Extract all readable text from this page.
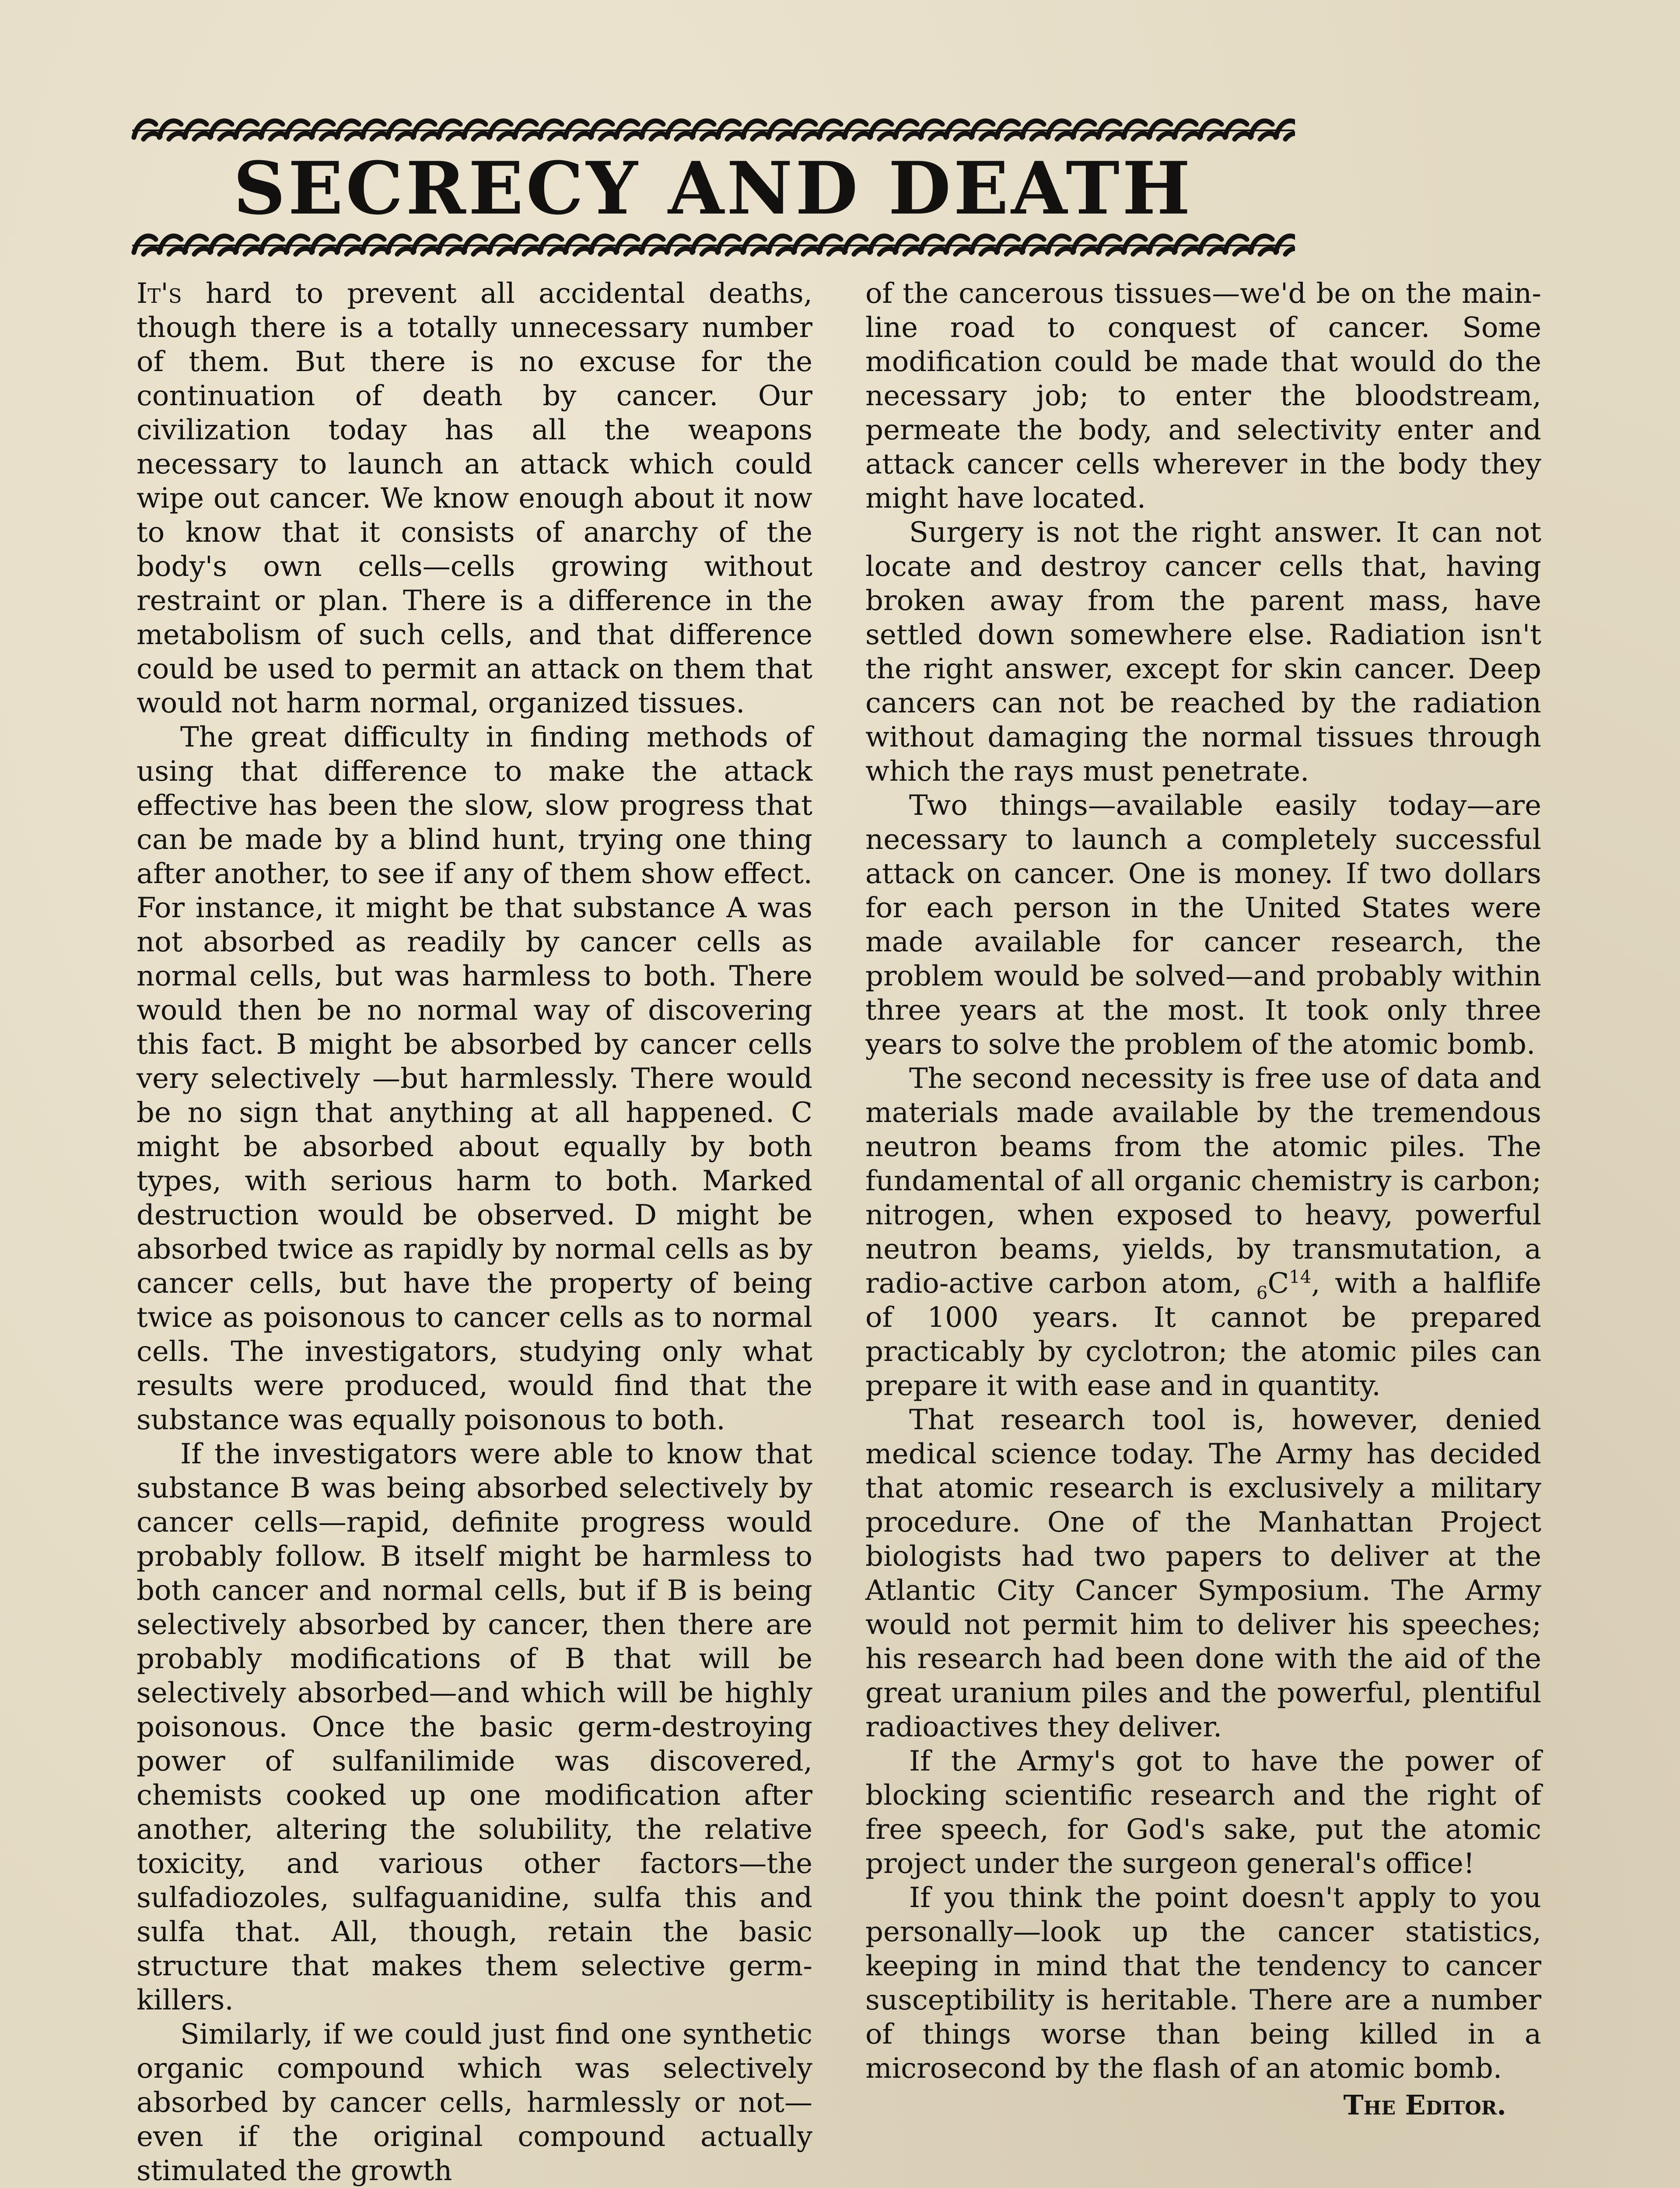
SECRECY AND DEATH

It's hard to prevent all accidental deaths, though there is a totally unnecessary number of them. But there is no excuse for the continuation of death by cancer. Our civilization today has all the weapons necessary to launch an attack which could wipe out cancer. We know enough about it now to know that it consists of anarchy of the body's own cells—cells growing without restraint or plan. There is a difference in the metabolism of such cells, and that difference could be used to permit an attack on them that would not harm normal, organized tissues.

The great difficulty in finding methods of using that difference to make the attack effective has been the slow, slow progress that can be made by a blind hunt, trying one thing after another, to see if any of them show effect. For instance, it might be that substance A was not absorbed as readily by cancer cells as normal cells, but was harmless to both. There would then be no normal way of discovering this fact. B might be absorbed by cancer cells very selectively —but harmlessly. There would be no sign that anything at all happened. C might be absorbed about equally by both types, with serious harm to both. Marked destruction would be observed. D might be absorbed twice as rapidly by normal cells as by cancer cells, but have the property of being twice as poisonous to cancer cells as to normal cells. The investigators, studying only what results were produced, would find that the substance was equally poisonous to both.

If the investigators were able to know that substance B was being absorbed selectively by cancer cells—rapid, definite progress would probably follow. B itself might be harmless to both cancer and normal cells, but if B is being selectively absorbed by cancer, then there are probably modifications of B that will be selectively absorbed—and which will be highly poisonous. Once the basic germ-destroying power of sulfanilimide was discovered, chemists cooked up one modification after another, altering the solubility, the relative toxicity, and various other factors—the sulfadiozoles, sulfaguanidine, sulfa this and sulfa that. All, though, retain the basic structure that makes them selective germ-killers.

Similarly, if we could just find one synthetic organic compound which was selectively absorbed by cancer cells, harmlessly or not—even if the original compound actually stimulated the growth

of the cancerous tissues—we'd be on the main-line road to conquest of cancer. Some modification could be made that would do the necessary job; to enter the bloodstream, permeate the body, and selectivity enter and attack cancer cells wherever in the body they might have located.

Surgery is not the right answer. It can not locate and destroy cancer cells that, having broken away from the parent mass, have settled down somewhere else. Radiation isn't the right answer, except for skin cancer. Deep cancers can not be reached by the radiation without damaging the normal tissues through which the rays must penetrate.

Two things—available easily today—are necessary to launch a completely successful attack on cancer. One is money. If two dollars for each person in the United States were made available for cancer research, the problem would be solved—and probably within three years at the most. It took only three years to solve the problem of the atomic bomb.

The second necessity is free use of data and materials made available by the tremendous neutron beams from the atomic piles. The fundamental of all organic chemistry is carbon; nitrogen, when exposed to heavy, powerful neutron beams, yields, by transmutation, a radio-active carbon atom, $_6C^{14}$, with a halflife of 1000 years. It cannot be prepared practicably by cyclotron; the atomic piles can prepare it with ease and in quantity.

That research tool is, however, denied medical science today. The Army has decided that atomic research is exclusively a military procedure. One of the Manhattan Project biologists had two papers to deliver at the Atlantic City Cancer Symposium. The Army would not permit him to deliver his speeches; his research had been done with the aid of the great uranium piles and the powerful, plentiful radioactives they deliver.

If the Army's got to have the power of blocking scientific research and the right of free speech, for God's sake, put the atomic project under the surgeon general's office!

If you think the point doesn't apply to you personally—look up the cancer statistics, keeping in mind that the tendency to cancer susceptibility is heritable. There are a number of things worse than being killed in a microsecond by the flash of an atomic bomb.

The Editor.
